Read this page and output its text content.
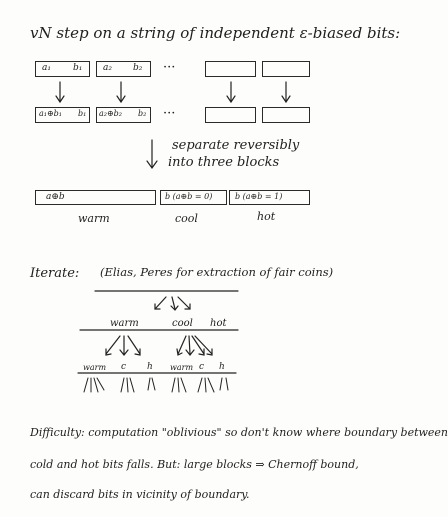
vN step on a string of independent ε-biased bits:
a₁ b₁ a₂ b₂ ···
a₁⊕b₁ b₁ a₂⊕b₂ b₂ ···
separate reversibly
into three blocks
a⊕b	b (a⊕b = 0)	b (a⊕b = 1)
warm	cool	hot
Iterate: (Elias, Peres for extraction of fair coins)
warm	cool hot
warm c h warm c h
Difficulty: computation "oblivious" so don't know where boundary between
cold and hot bits falls. But: large blocks ⇒ Chernoff bound,
can discard bits in vicinity of boundary.
